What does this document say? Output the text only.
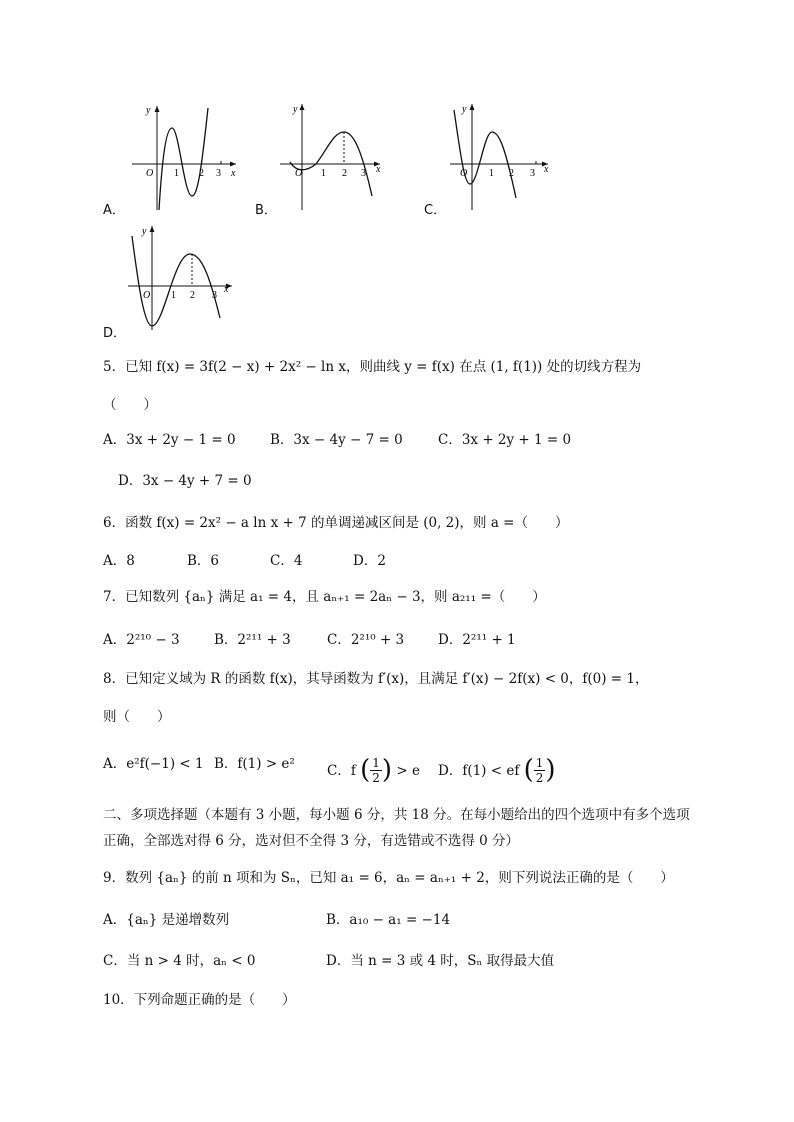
A．
y
x
O 1 2 3
B．
y
x
O 1 2 3
C．
y
x
O 1 2 3
D．
y
x
O 1 2 3
5．已知 f(x) = 3f(2 − x) + 2x² − ln x，则曲线 y = f(x) 在点 (1, f(1)) 处的切线方程为
（　　）
A．3x + 2y − 1 = 0	B．3x − 4y − 7 = 0	C．3x + 2y + 1 = 0
D．3x − 4y + 7 = 0
6．函数 f(x) = 2x² − a ln x + 7 的单调递减区间是 (0, 2)，则 a =（　　）
A．8	B．6	C．4	D．2
7．已知数列 {aₙ} 满足 a₁ = 4，且 aₙ₊₁ = 2aₙ − 3，则 a₂₁₁ =（　　）
A．2²¹⁰ − 3	B．2²¹¹ + 3	C．2²¹⁰ + 3	D．2²¹¹ + 1
8．已知定义域为 R 的函数 f(x)，其导函数为 f′(x)，且满足 f′(x) − 2f(x) < 0，f(0) = 1，
则（　　）
A．e²f(−1) < 1 B．f(1) > e² C．f ( $\frac{1}{2}$ ) > e D．f(1) < ef ( $\frac{1}{2}$ )
二、多项选择题（本题有 3 小题，每小题 6 分，共 18 分。在每小题给出的四个选项中有多个选项
正确，全部选对得 6 分，选对但不全得 3 分，有选错或不选得 0 分）
9．数列 {aₙ} 的前 n 项和为 Sₙ，已知 a₁ = 6，aₙ = aₙ₊₁ + 2，则下列说法正确的是（　　）
A．{aₙ} 是递增数列	B．a₁₀ − a₁ = −14
C．当 n > 4 时，aₙ < 0	D．当 n = 3 或 4 时，Sₙ 取得最大值
10．下列命题正确的是（　　）
